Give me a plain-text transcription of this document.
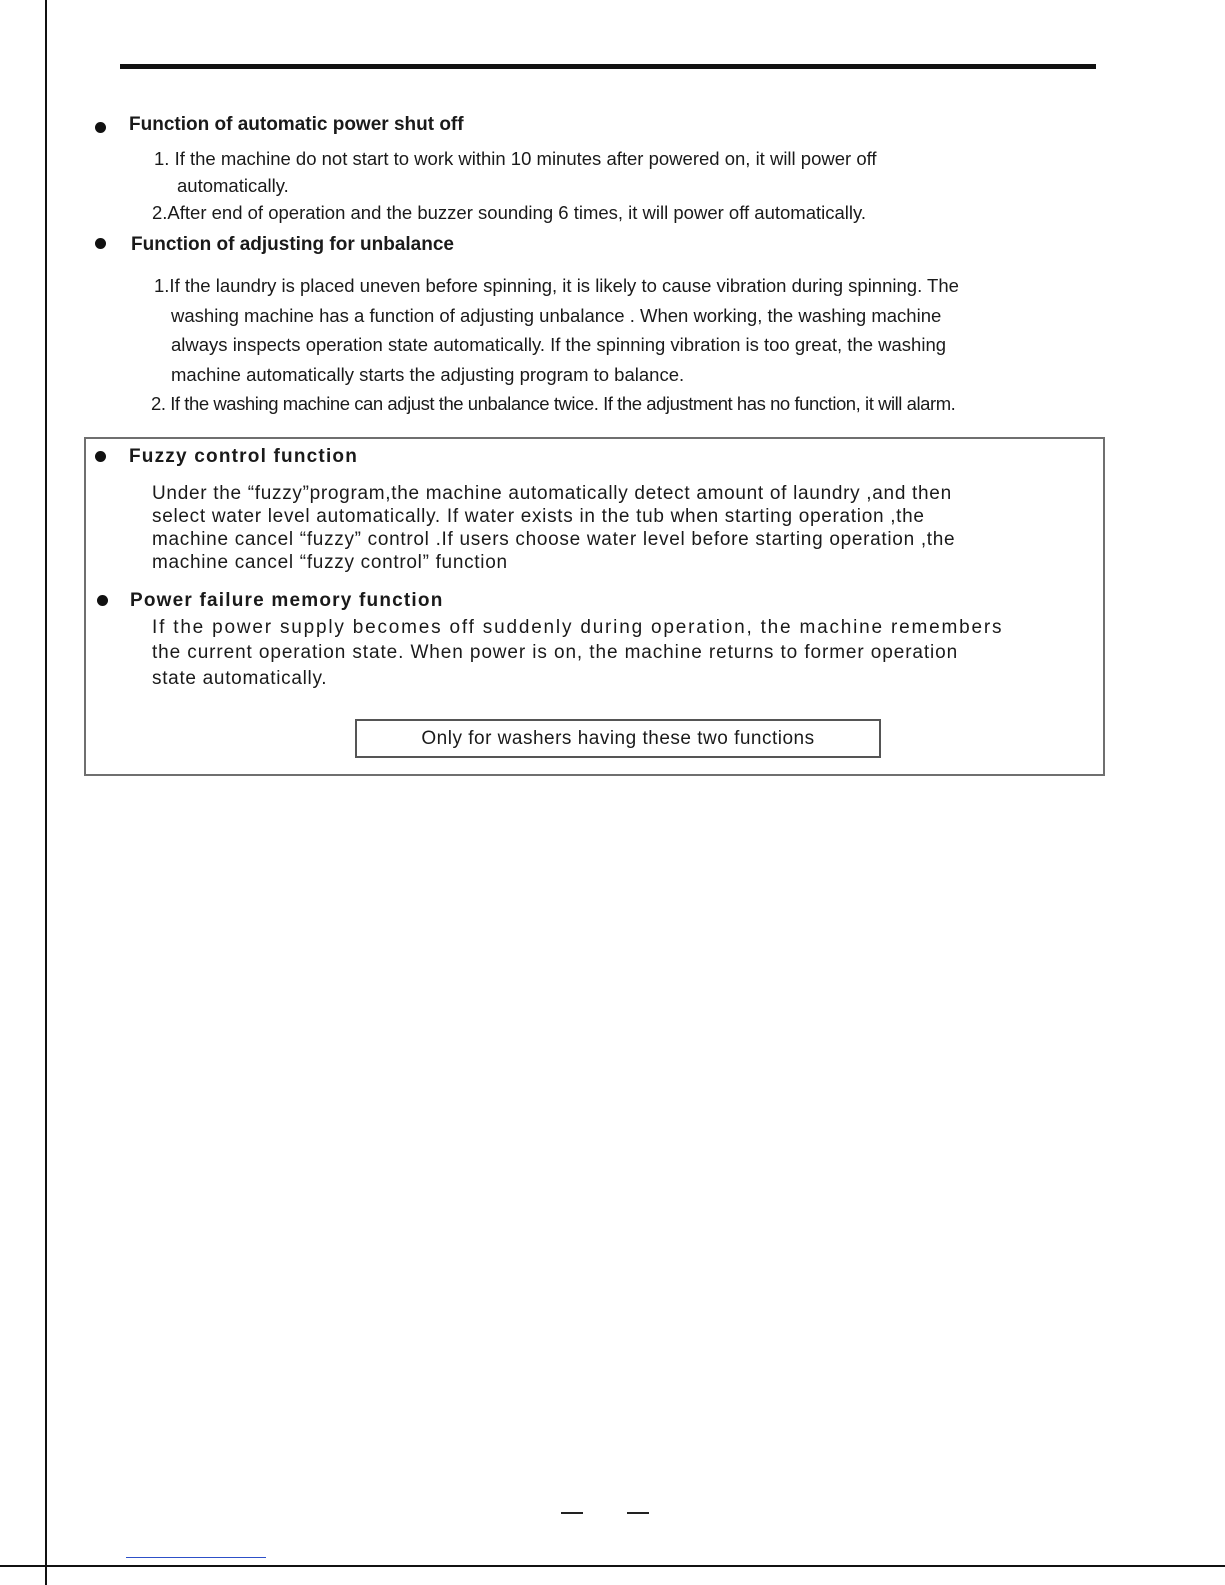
Function of automatic power shut off
1. If the machine do not start to work within 10 minutes after powered on, it will power off
automatically.
2.After end of operation and the buzzer sounding 6 times, it will power off automatically.
Function of adjusting for unbalance
1.If the laundry is placed uneven before spinning, it is likely to cause vibration during spinning. The
washing machine has a function of adjusting unbalance . When working, the washing machine
always inspects operation state automatically. If the spinning vibration is too great, the washing
machine automatically starts the adjusting program to balance.
2. If the washing machine can adjust the unbalance twice. If the adjustment has no function, it will alarm.
Fuzzy control function
Under the “fuzzy”program,the machine automatically detect amount of laundry ,and then
select water level automatically. If water exists in the tub when starting operation ,the
machine cancel “fuzzy” control .If users choose water level before starting operation ,the
machine cancel “fuzzy control” function
Power failure memory function
If the power supply becomes off suddenly during operation, the machine remembers
the current operation state. When power is on, the machine returns to former operation
state automatically.
Only for washers having these two functions
